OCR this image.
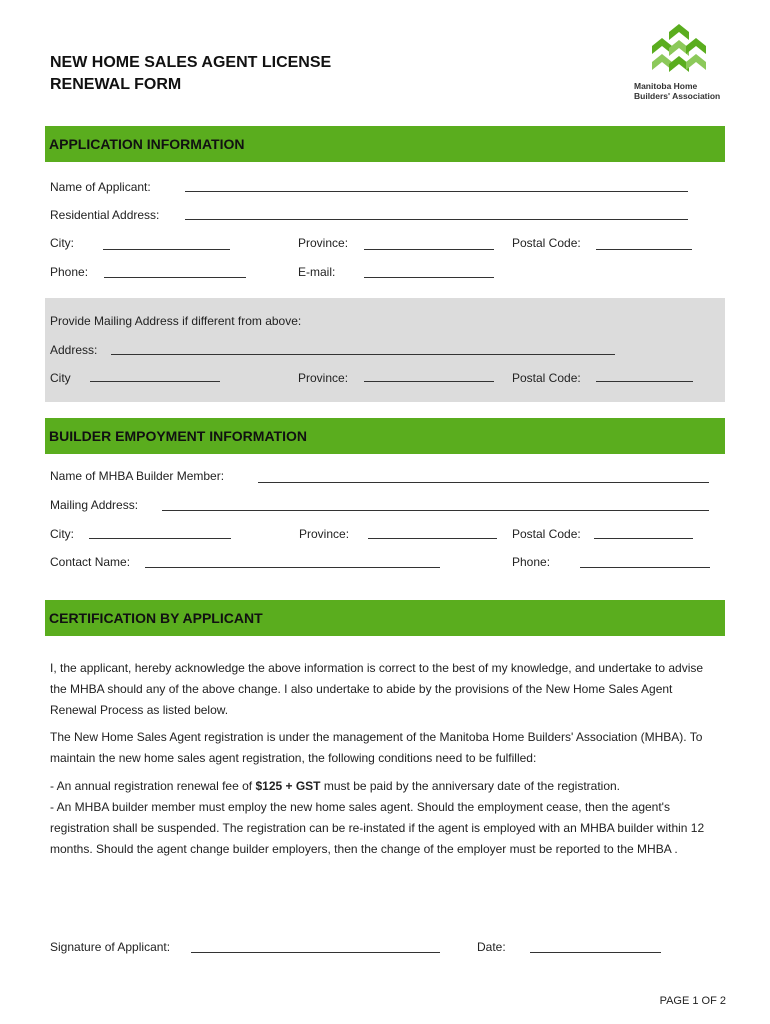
NEW HOME SALES AGENT LICENSE
RENEWAL FORM	Manitoba Home
Builders' Association
APPLICATION INFORMATION
Name of Applicant:
Residential Address:
City:	Province:	Postal Code:
Phone:	E-mail:
Provide Mailing Address if different from above:
Address:
City	Province:	Postal Code:
BUILDER EMPOYMENT INFORMATION
Name of MHBA Builder Member:
Mailing Address:
City:	Province:	Postal Code:
Contact Name:	Phone:
CERTIFICATION BY APPLICANT
I, the applicant, hereby acknowledge the above information is correct to the best of my knowledge, and undertake to advise the MHBA should any of the above change. I also undertake to abide by the provisions of the New Home Sales Agent Renewal Process as listed below.
The New Home Sales Agent registration is under the management of the Manitoba Home Builders' Association (MHBA). To maintain the new home sales agent registration, the following conditions need to be fulfilled:
- An annual registration renewal fee of $125 + GST must be paid by the anniversary date of the registration.
- An MHBA builder member must employ the new home sales agent. Should the employment cease, then the agent's registration shall be suspended. The registration can be re-instated if the agent is employed with an MHBA builder within 12 months. Should the agent change builder employers, then the change of the employer must be reported to the MHBA .
Signature of Applicant:	Date:
PAGE 1 OF 2
